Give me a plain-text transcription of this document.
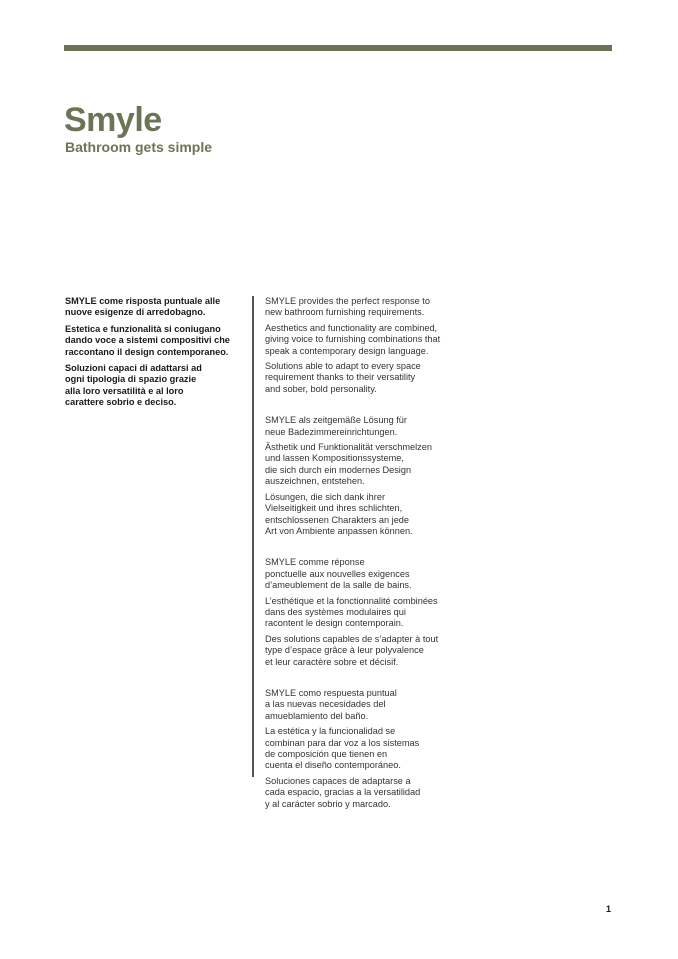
Smyle
Bathroom gets simple

SMYLE come risposta puntuale alle
nuove esigenze di arredobagno.

Estetica e funzionalità si coniugano
dando voce a sistemi compositivi che
raccontano il design contemporaneo.

Soluzioni capaci di adattarsi ad
ogni tipologia di spazio grazie
alla loro versatilità e al loro
carattere sobrio e deciso.

SMYLE provides the perfect response to
new bathroom furnishing requirements.

Aesthetics and functionality are combined,
giving voice to furnishing combinations that
speak a contemporary design language.

Solutions able to adapt to every space
requirement thanks to their versatility
and sober, bold personality.

SMYLE als zeitgemäße Lösung für
neue Badezimmereinrichtungen.

Ästhetik und Funktionalität verschmelzen
und lassen Kompositionssysteme,
die sich durch ein modernes Design
auszeichnen, entstehen.

Lösungen, die sich dank ihrer
Vielseitigkeit und ihres schlichten,
entschlossenen Charakters an jede
Art von Ambiente anpassen können.

SMYLE comme réponse
ponctuelle aux nouvelles exigences
d’ameublement de la salle de bains.

L’esthétique et la fonctionnalité combinées
dans des systèmes modulaires qui
racontent le design contemporain.

Des solutions capables de s’adapter à tout
type d’espace grâce à leur polyvalence
et leur caractère sobre et décisif.

SMYLE como respuesta puntual
a las nuevas necesidades del
amueblamiento del baño.

La estética y la funcionalidad se
combinan para dar voz a los sistemas
de composición que tienen en
cuenta el diseño contemporáneo.

Soluciones capaces de adaptarse a
cada espacio, gracias a la versatilidad
y al carácter sobrio y marcado.

1
